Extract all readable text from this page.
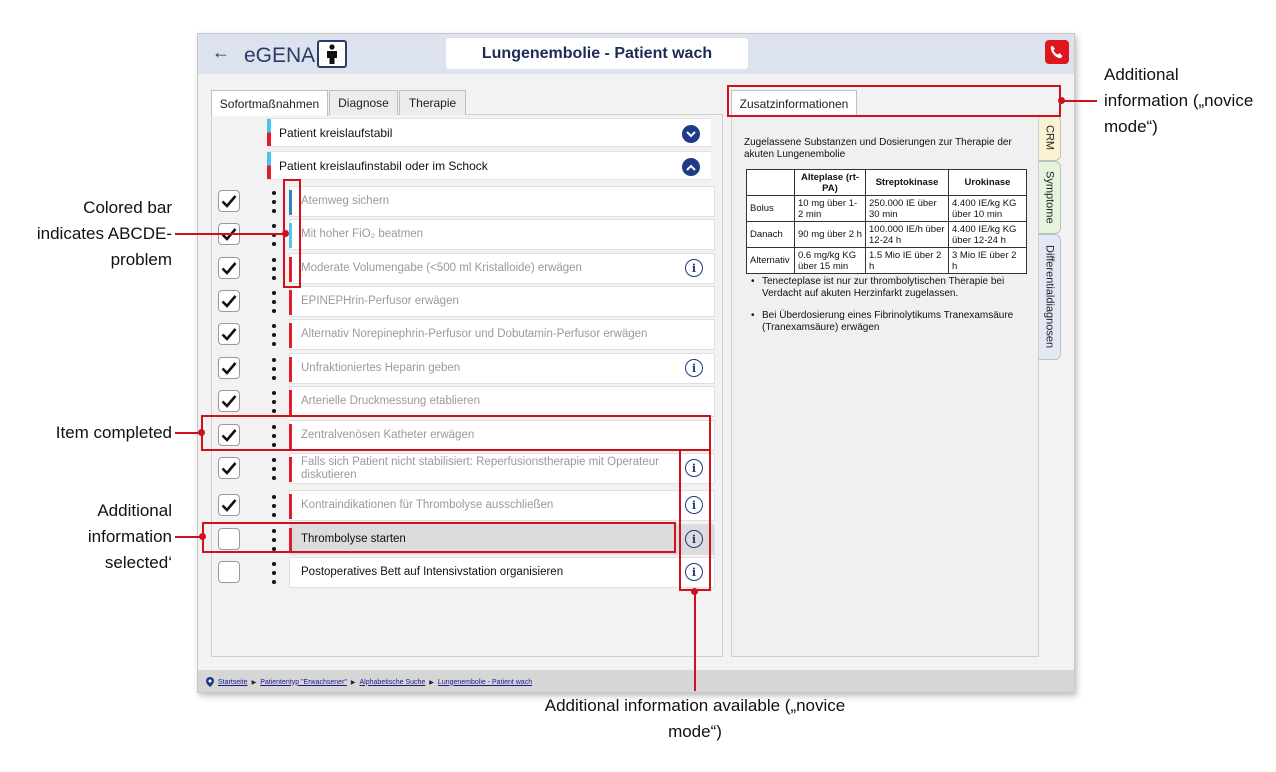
← eGENA	Lungenembolie - Patient wach
Sofortmaßnahmen	Diagnose	Therapie
Patient kreislaufstabil
Patient kreislaufinstabil oder im Schock
Zusatzinformationen
Zugelassene Substanzen und Dosierungen zur Therapie der akuten Lungenembolie
	Alteplase (rt-PA)	Streptokinase	Urokinase
Bolus	10 mg über 1-2 min	250.000 IE über 30 min	4.400 IE/kg KG über 10 min
Danach	90 mg über 2 h	100.000 IE/h über 12-24 h	4.400 IE/kg KG über 12-24 h
Alternativ	0.6 mg/kg KG über 15 min	1.5 Mio IE über 2 h	3 Mio IE über 2 h
• Tenecteplase ist nur zur thrombolytischen Therapie bei Verdacht auf akuten Herzinfarkt zugelassen.
• Bei Überdosierung eines Fibrinolytikums Tranexamsäure (Tranexamsäure) erwägen
CRM
Symptome
Differentialdiagnosen
Startseite ▶ Patiententyp "Erwachsener" ▶ Alphabetische Suche ▶ Lungenembolie - Patient wach
Atemweg sichern
Mit hoher FiO₂ beatmen
Moderate Volumengabe (<500 ml Kristalloide) erwägen	i
EPINEPHrin-Perfusor erwägen
Alternativ Norepinephrin-Perfusor und Dobutamin-Perfusor erwägen
Unfraktioniertes Heparin geben	i
Arterielle Druckmessung etablieren
Zentralvenösen Katheter erwägen
Falls sich Patient nicht stabilisiert: Reperfusionstherapie mit Operateur diskutieren	i
Kontraindikationen für Thrombolyse ausschließen	i
Thrombolyse starten	i
Postoperatives Bett auf Intensivstation organisieren	i
Additional information („novice mode“)
Colored bar indicates ABCDE-problem
Item completed
Additional information selected‘
Additional information available („novice mode“)
